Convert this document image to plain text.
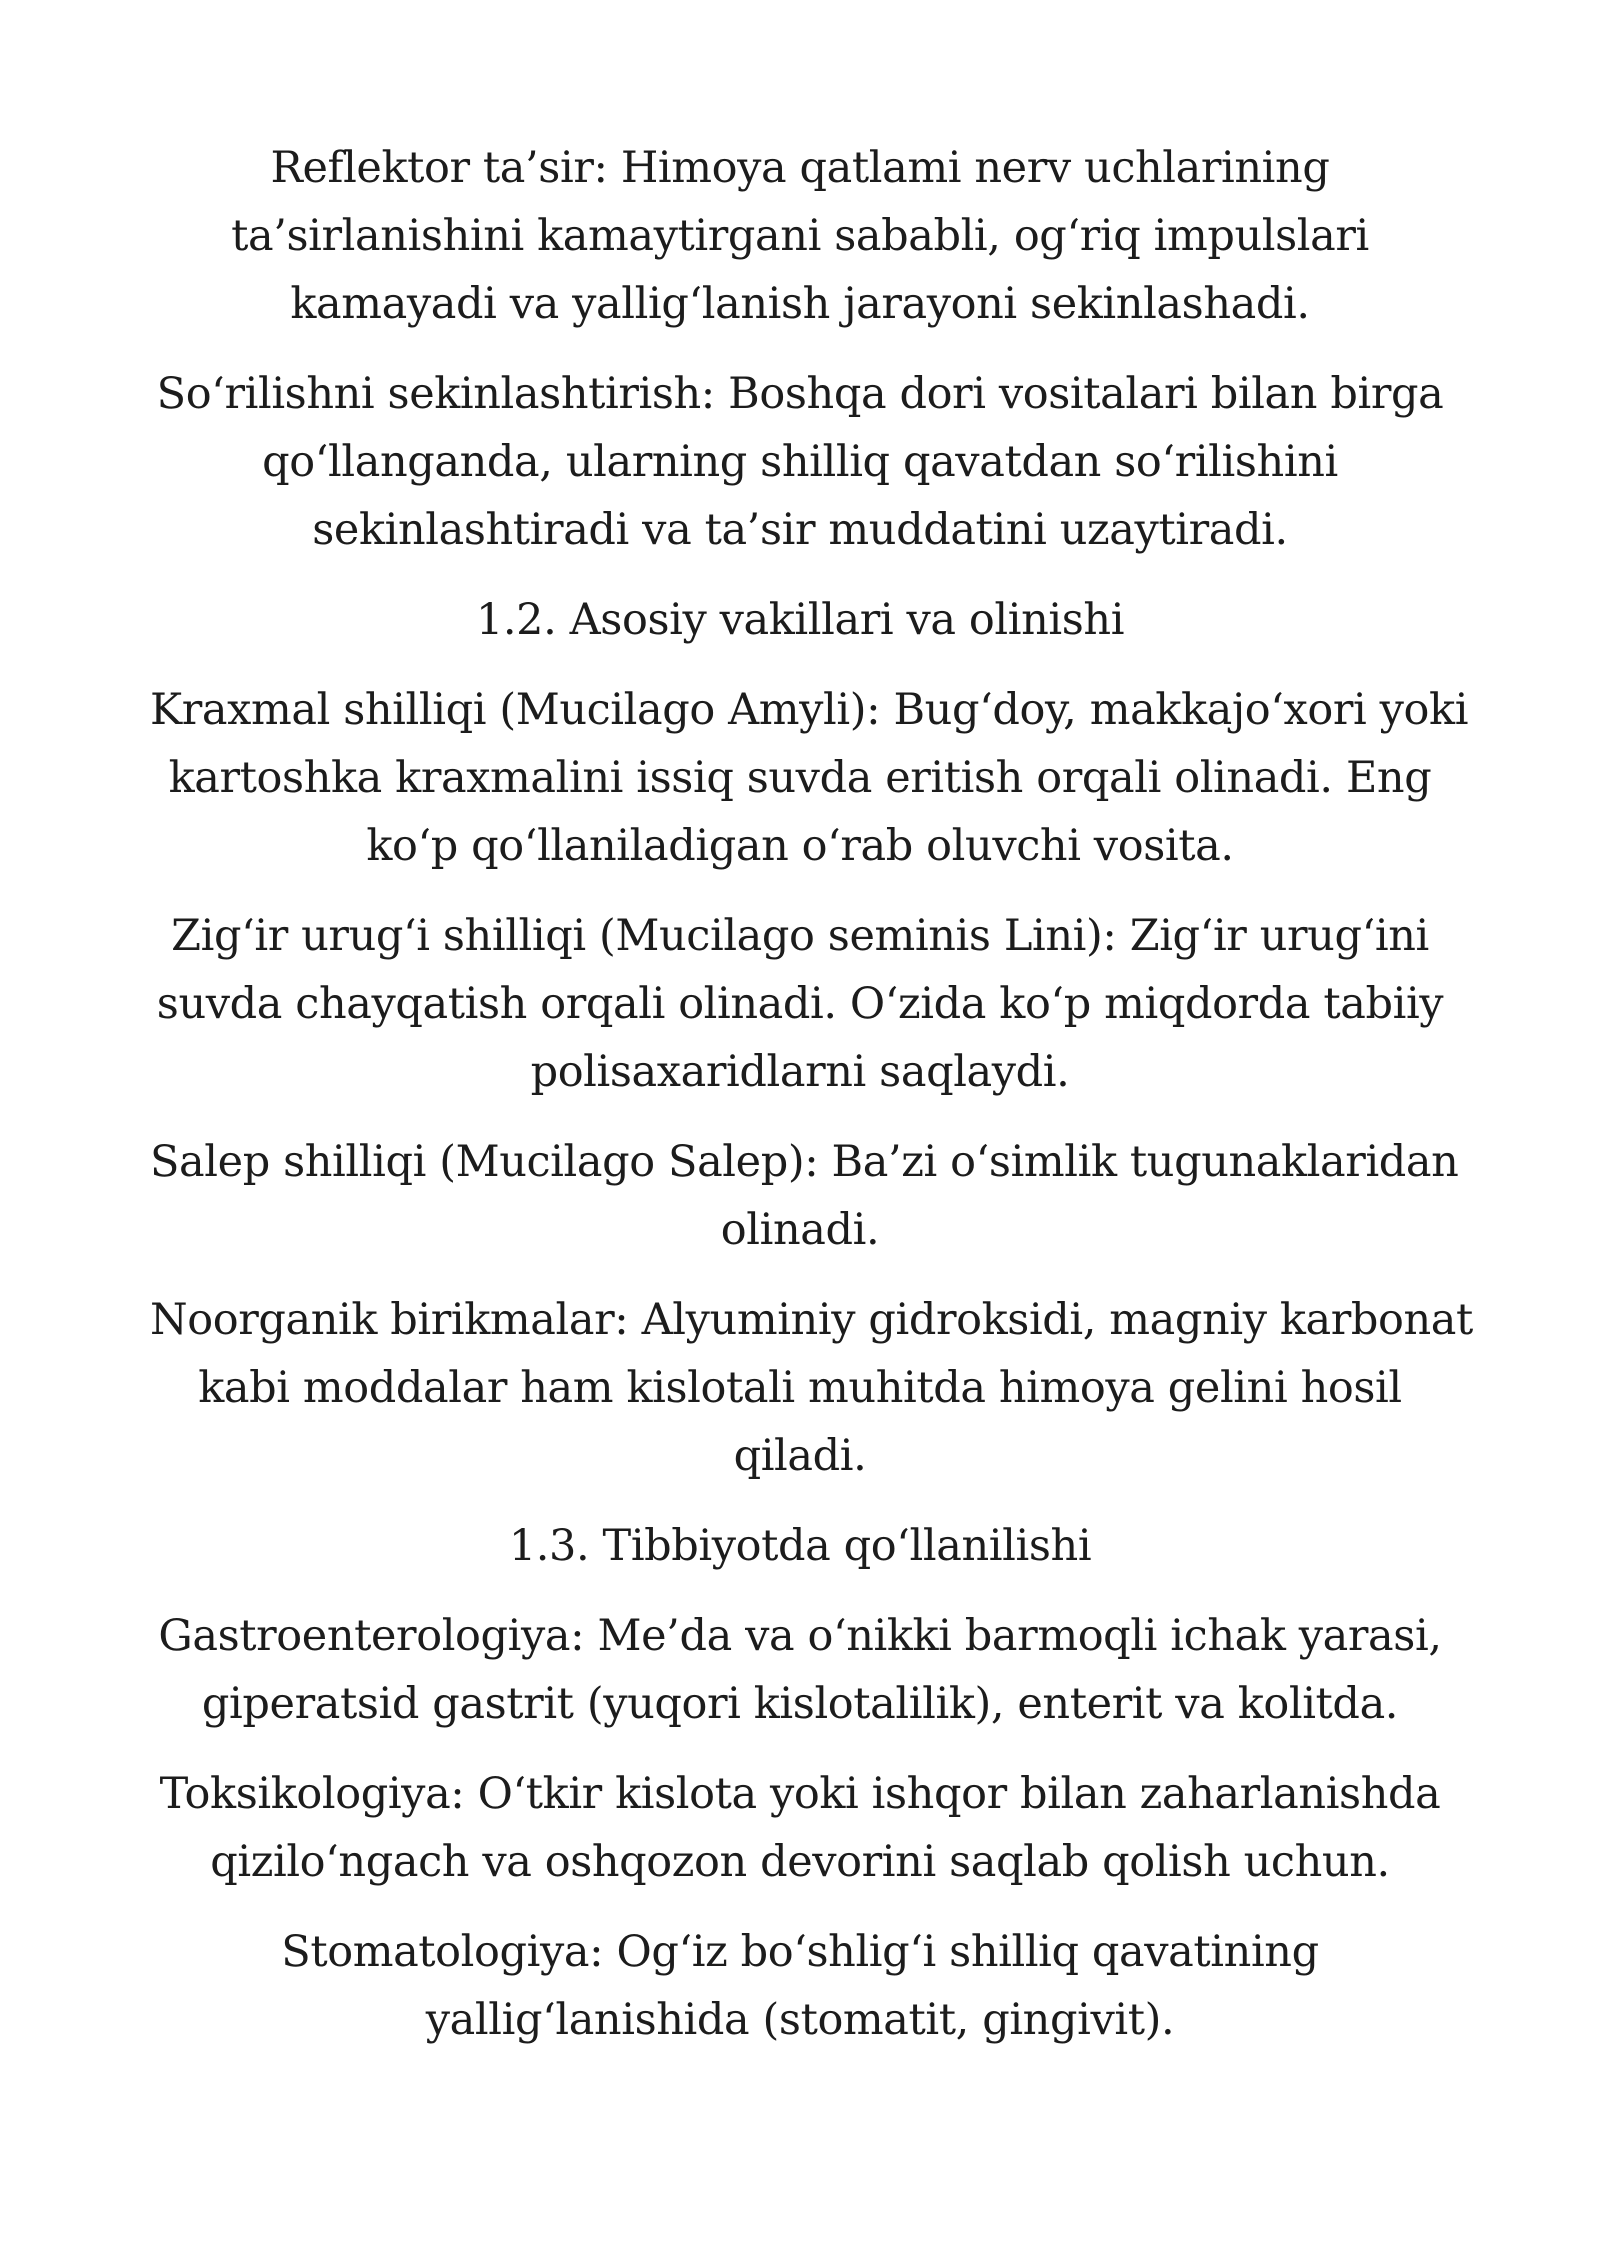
Reflektor ta’sir: Himoya qatlami nerv uchlarining
ta’sirlanishini kamaytirgani sababli, og‘riq impulslari
kamayadi va yallig‘lanish jarayoni sekinlashadi.

So‘rilishni sekinlashtirish: Boshqa dori vositalari bilan birga
qo‘llanganda, ularning shilliq qavatdan so‘rilishini
sekinlashtiradi va ta’sir muddatini uzaytiradi.

1.2. Asosiy vakillari va olinishi

Kraxmal shilliqi (Mucilago Amyli): Bug‘doy, makkajo‘xori yoki
kartoshka kraxmalini issiq suvda eritish orqali olinadi. Eng
ko‘p qo‘llaniladigan o‘rab oluvchi vosita.

Zig‘ir urug‘i shilliqi (Mucilago seminis Lini): Zig‘ir urug‘ini
suvda chayqatish orqali olinadi. O‘zida ko‘p miqdorda tabiiy
polisaxaridlarni saqlaydi.

Salep shilliqi (Mucilago Salep): Ba’zi o‘simlik tugunaklaridan
olinadi.

Noorganik birikmalar: Alyuminiy gidroksidi, magniy karbonat
kabi moddalar ham kislotali muhitda himoya gelini hosil
qiladi.

1.3. Tibbiyotda qo‘llanilishi

Gastroenterologiya: Me’da va o‘nikki barmoqli ichak yarasi,
giperatsid gastrit (yuqori kislotalilik), enterit va kolitda.

Toksikologiya: O‘tkir kislota yoki ishqor bilan zaharlanishda
qizilo‘ngach va oshqozon devorini saqlab qolish uchun.

Stomatologiya: Og‘iz bo‘shlig‘i shilliq qavatining
yallig‘lanishida (stomatit, gingivit).
